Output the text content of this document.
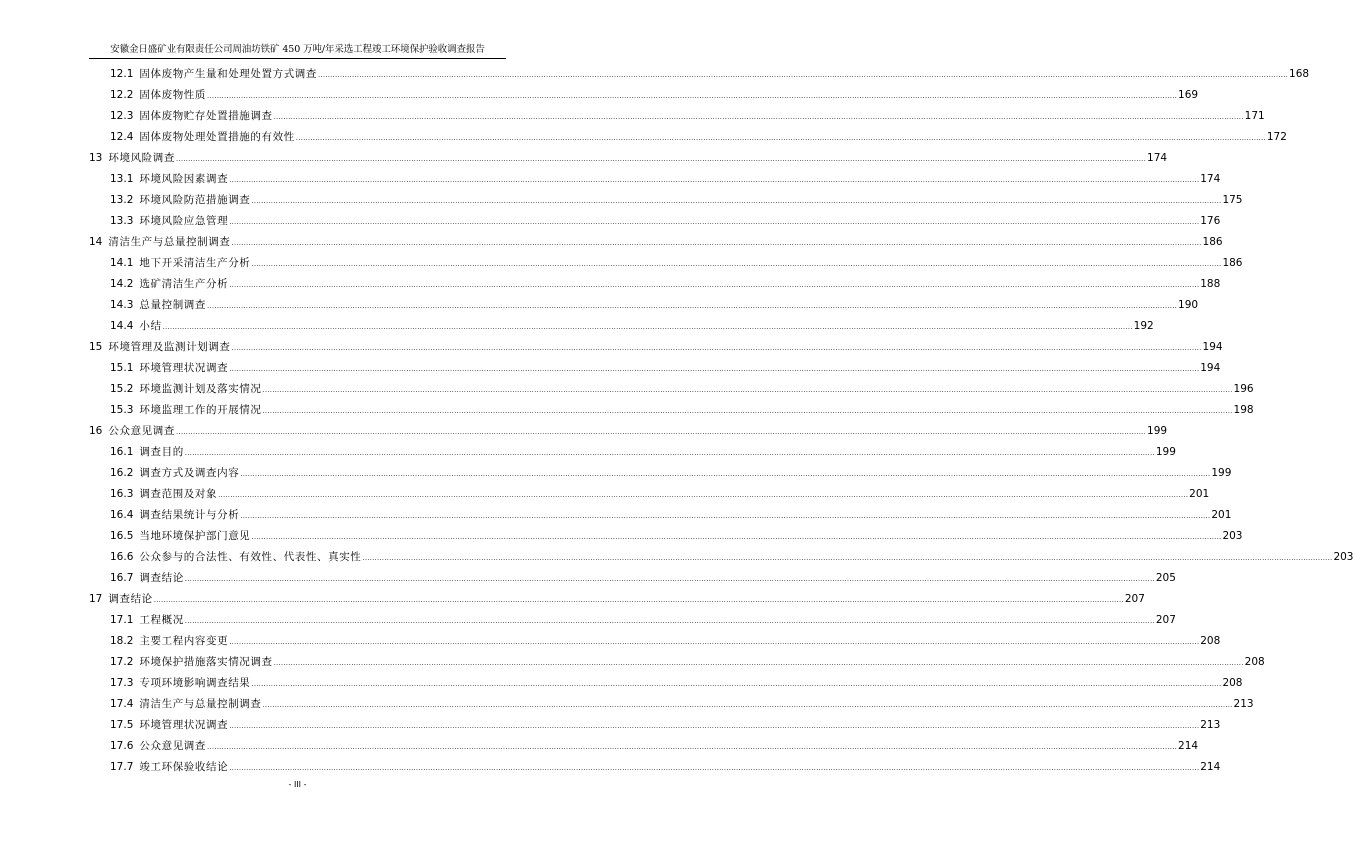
安徽金日盛矿业有限责任公司周油坊铁矿 450 万吨/年采选工程竣工环境保护验收调查报告
12.1 固体废物产生量和处理处置方式调查 ................................................................................................................................................................................................................................................................................................................................................................................................................ 168
12.2 固体废物性质 ................................................................................................................................................................................................................................................................................................................................................................................................................ 169
12.3 固体废物贮存处置措施调查 ................................................................................................................................................................................................................................................................................................................................................................................................................ 171
12.4 固体废物处理处置措施的有效性 ................................................................................................................................................................................................................................................................................................................................................................................................................ 172
13 环境风险调查 ................................................................................................................................................................................................................................................................................................................................................................................................................ 174
13.1 环境风险因素调查 ................................................................................................................................................................................................................................................................................................................................................................................................................ 174
13.2 环境风险防范措施调查 ................................................................................................................................................................................................................................................................................................................................................................................................................ 175
13.3 环境风险应急管理 ................................................................................................................................................................................................................................................................................................................................................................................................................ 176
14 清洁生产与总量控制调查 ................................................................................................................................................................................................................................................................................................................................................................................................................ 186
14.1 地下开采清洁生产分析 ................................................................................................................................................................................................................................................................................................................................................................................................................ 186
14.2 选矿清洁生产分析 ................................................................................................................................................................................................................................................................................................................................................................................................................ 188
14.3 总量控制调查 ................................................................................................................................................................................................................................................................................................................................................................................................................ 190
14.4 小结 ................................................................................................................................................................................................................................................................................................................................................................................................................ 192
15 环境管理及监测计划调查 ................................................................................................................................................................................................................................................................................................................................................................................................................ 194
15.1 环境管理状况调查 ................................................................................................................................................................................................................................................................................................................................................................................................................ 194
15.2 环境监测计划及落实情况 ................................................................................................................................................................................................................................................................................................................................................................................................................ 196
15.3 环境监理工作的开展情况 ................................................................................................................................................................................................................................................................................................................................................................................................................ 198
16 公众意见调查 ................................................................................................................................................................................................................................................................................................................................................................................................................ 199
16.1 调查目的 ................................................................................................................................................................................................................................................................................................................................................................................................................ 199
16.2 调查方式及调查内容 ................................................................................................................................................................................................................................................................................................................................................................................................................ 199
16.3 调查范围及对象 ................................................................................................................................................................................................................................................................................................................................................................................................................ 201
16.4 调查结果统计与分析 ................................................................................................................................................................................................................................................................................................................................................................................................................ 201
16.5 当地环境保护部门意见 ................................................................................................................................................................................................................................................................................................................................................................................................................ 203
16.6 公众参与的合法性、有效性、代表性、真实性 ................................................................................................................................................................................................................................................................................................................................................................................................................ 203
16.7 调查结论 ................................................................................................................................................................................................................................................................................................................................................................................................................ 205
17 调查结论 ................................................................................................................................................................................................................................................................................................................................................................................................................ 207
17.1 工程概况 ................................................................................................................................................................................................................................................................................................................................................................................................................ 207
18.2 主要工程内容变更 ................................................................................................................................................................................................................................................................................................................................................................................................................ 208
17.2 环境保护措施落实情况调查 ................................................................................................................................................................................................................................................................................................................................................................................................................ 208
17.3 专项环境影响调查结果 ................................................................................................................................................................................................................................................................................................................................................................................................................ 208
17.4 清洁生产与总量控制调查 ................................................................................................................................................................................................................................................................................................................................................................................................................ 213
17.5 环境管理状况调查 ................................................................................................................................................................................................................................................................................................................................................................................................................ 213
17.6 公众意见调查 ................................................................................................................................................................................................................................................................................................................................................................................................................ 214
17.7 竣工环保验收结论 ................................................................................................................................................................................................................................................................................................................................................................................................................ 214
- III -
